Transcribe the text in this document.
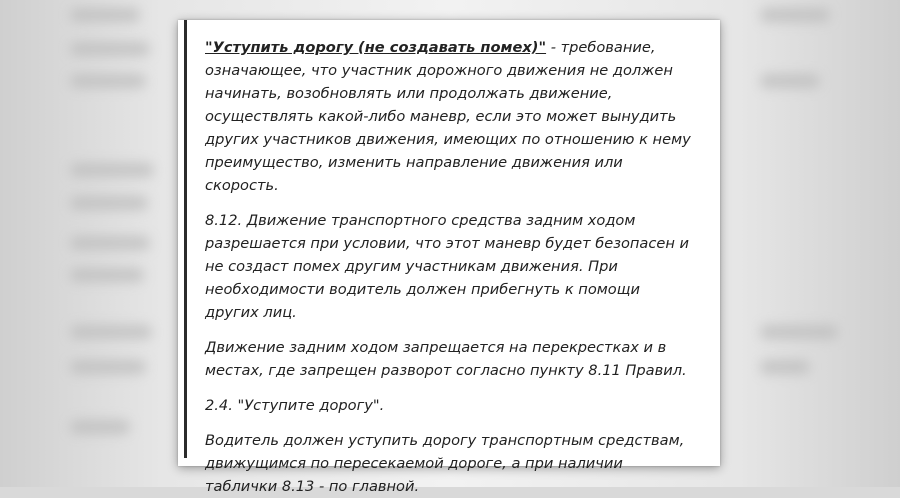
"Уступить дорогу (не создавать помех)" - требование, означающее, что участник дорожного движения не должен начинать, возобновлять или продолжать движение, осуществлять какой-либо маневр, если это может вынудить других участников движения, имеющих по отношению к нему преимущество, изменить направление движения или скорость.

8.12. Движение транспортного средства задним ходом разрешается при условии, что этот маневр будет безопасен и не создаст помех другим участникам движения. При необходимости водитель должен прибегнуть к помощи других лиц.

Движение задним ходом запрещается на перекрестках и в местах, где запрещен разворот согласно пункту 8.11 Правил.

2.4. "Уступите дорогу".

Водитель должен уступить дорогу транспортным средствам, движущимся по пересекаемой дороге, а при наличии таблички 8.13 - по главной.
